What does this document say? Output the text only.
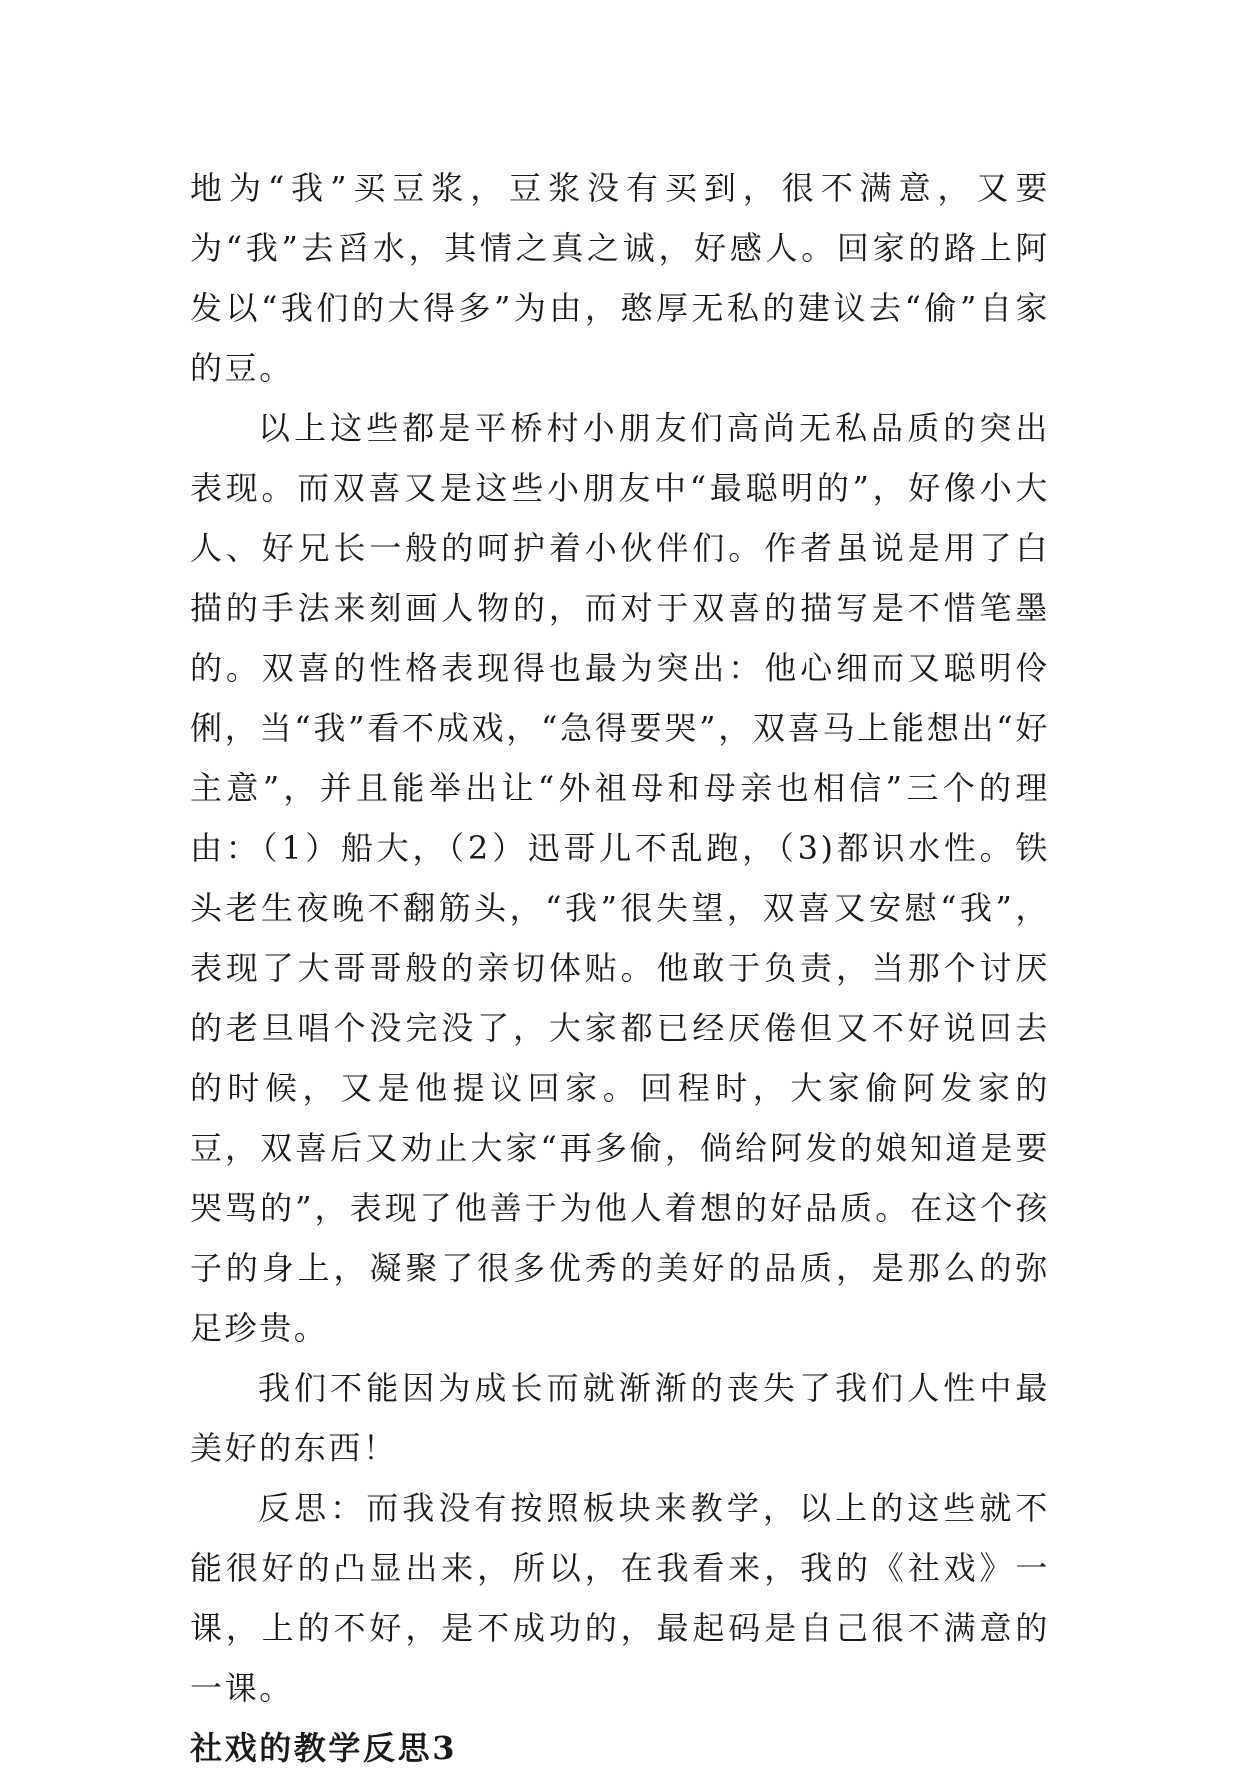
地为“我”买豆浆，豆浆没有买到，很不满意，又要为“我”去舀水，其情之真之诚，好感人。回家的路上阿发以“我们的大得多”为由，憨厚无私的建议去“偷”自家的豆。

以上这些都是平桥村小朋友们高尚无私品质的突出表现。而双喜又是这些小朋友中“最聪明的”，好像小大人、好兄长一般的呵护着小伙伴们。作者虽说是用了白描的手法来刻画人物的，而对于双喜的描写是不惜笔墨的。双喜的性格表现得也最为突出：他心细而又聪明伶俐，当“我”看不成戏，“急得要哭”，双喜马上能想出“好主意”，并且能举出让“外祖母和母亲也相信”三个的理由：（1）船大，（2）迅哥儿不乱跑，（3)都识水性。铁头老生夜晚不翻筋头，“我”很失望，双喜又安慰“我”，表现了大哥哥般的亲切体贴。他敢于负责，当那个讨厌的老旦唱个没完没了，大家都已经厌倦但又不好说回去的时候，又是他提议回家。回程时，大家偷阿发家的豆，双喜后又劝止大家“再多偷，倘给阿发的娘知道是要哭骂的”，表现了他善于为他人着想的好品质。在这个孩子的身上，凝聚了很多优秀的美好的品质，是那么的弥足珍贵。

我们不能因为成长而就渐渐的丧失了我们人性中最美好的东西！

反思：而我没有按照板块来教学，以上的这些就不能很好的凸显出来，所以，在我看来，我的《社戏》一课，上的不好，是不成功的，最起码是自己很不满意的一课。

社戏的教学反思3
